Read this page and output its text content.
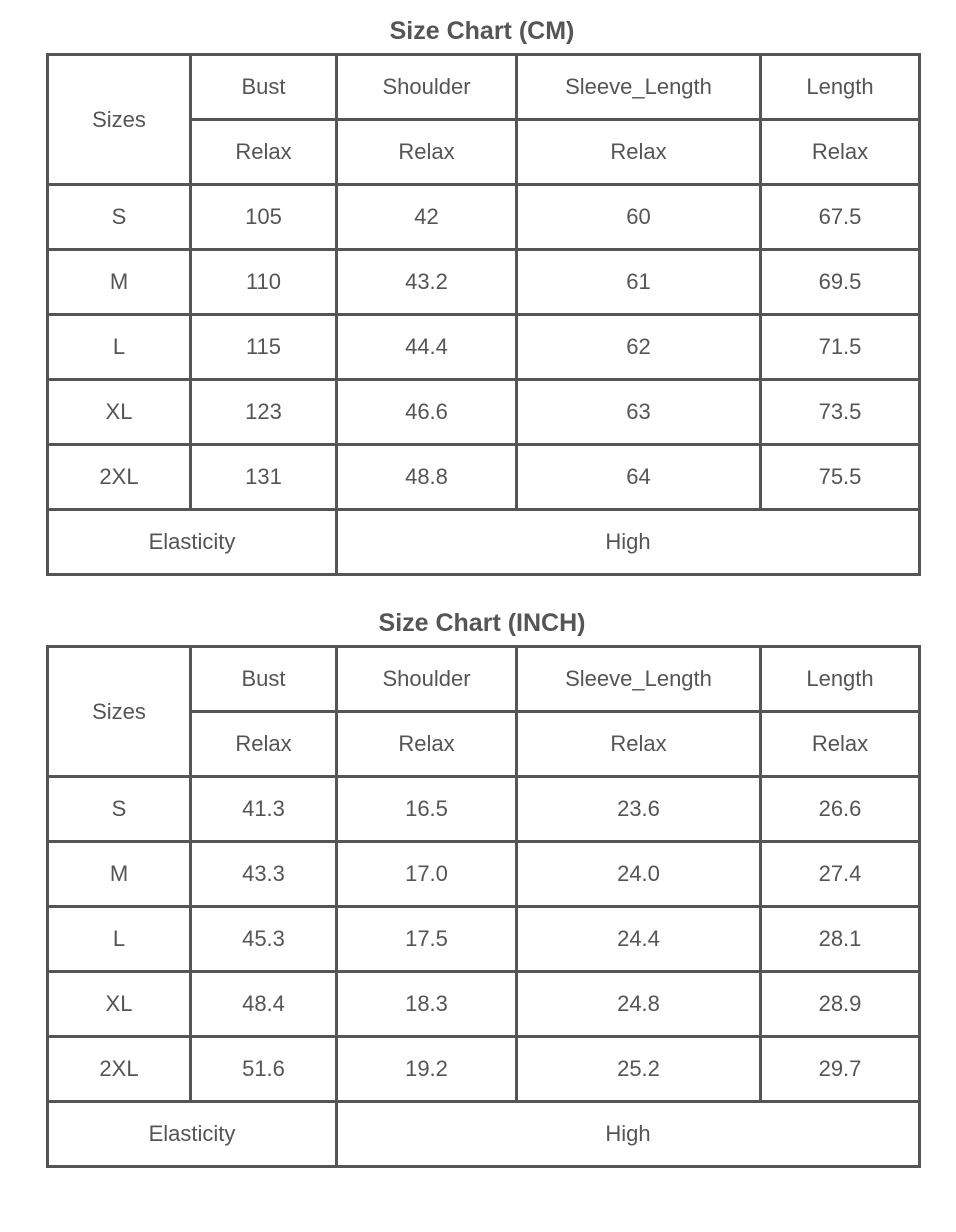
Size Chart (CM)
Sizes	Bust	Shoulder	Sleeve_Length	Length
	Relax	Relax	Relax	Relax
S	105	42	60	67.5
M	110	43.2	61	69.5
L	115	44.4	62	71.5
XL	123	46.6	63	73.5
2XL	131	48.8	64	75.5
Elasticity		High		
Size Chart (INCH)
Sizes	Bust	Shoulder	Sleeve_Length	Length
	Relax	Relax	Relax	Relax
S	41.3	16.5	23.6	26.6
M	43.3	17.0	24.0	27.4
L	45.3	17.5	24.4	28.1
XL	48.4	18.3	24.8	28.9
2XL	51.6	19.2	25.2	29.7
Elasticity		High		
